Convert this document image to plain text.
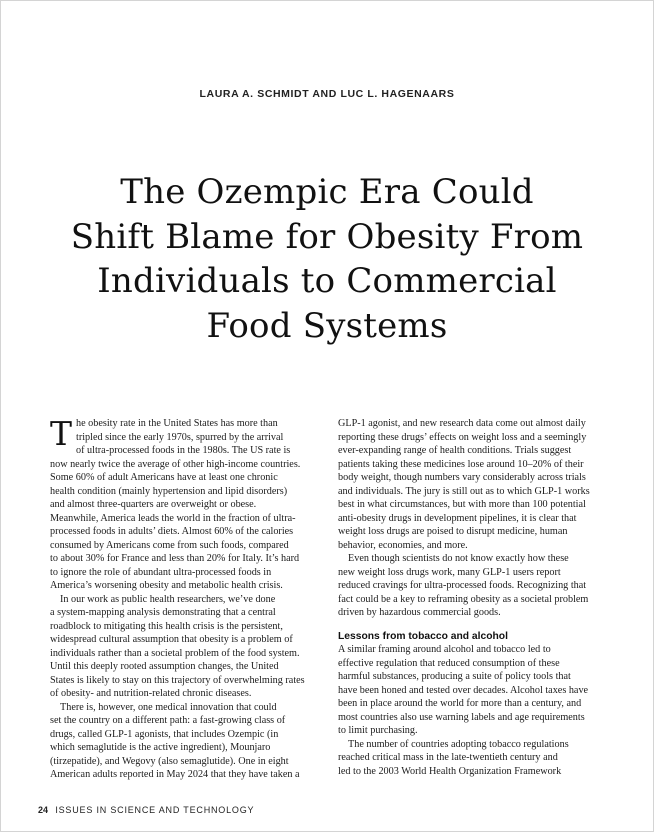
LAURA A. SCHMIDT AND LUC L. HAGENAARS
The Ozempic Era Could
Shift Blame for Obesity From
Individuals to Commercial
Food Systems
T he obesity rate in the United States has more than
tripled since the early 1970s, spurred by the arrival
of ultra-processed foods in the 1980s. The US rate is
now nearly twice the average of other high-income countries.
Some 60% of adult Americans have at least one chronic
health condition (mainly hypertension and lipid disorders)
and almost three-quarters are overweight or obese.
Meanwhile, America leads the world in the fraction of ultra-
processed foods in adults’ diets. Almost 60% of the calories
consumed by Americans come from such foods, compared
to about 30% for France and less than 20% for Italy. It’s hard
to ignore the role of abundant ultra-processed foods in
America’s worsening obesity and metabolic health crisis.
In our work as public health researchers, we’ve done
a system-mapping analysis demonstrating that a central
roadblock to mitigating this health crisis is the persistent,
widespread cultural assumption that obesity is a problem of
individuals rather than a societal problem of the food system.
Until this deeply rooted assumption changes, the United
States is likely to stay on this trajectory of overwhelming rates
of obesity- and nutrition-related chronic diseases.
There is, however, one medical innovation that could
set the country on a different path: a fast-growing class of
drugs, called GLP-1 agonists, that includes Ozempic (in
which semaglutide is the active ingredient), Mounjaro
(tirzepatide), and Wegovy (also semaglutide). One in eight
American adults reported in May 2024 that they have taken a
GLP-1 agonist, and new research data come out almost daily
reporting these drugs’ effects on weight loss and a seemingly
ever-expanding range of health conditions. Trials suggest
patients taking these medicines lose around 10–20% of their
body weight, though numbers vary considerably across trials
and individuals. The jury is still out as to which GLP-1 works
best in what circumstances, but with more than 100 potential
anti-obesity drugs in development pipelines, it is clear that
weight loss drugs are poised to disrupt medicine, human
behavior, economies, and more.
Even though scientists do not know exactly how these
new weight loss drugs work, many GLP-1 users report
reduced cravings for ultra-processed foods. Recognizing that
fact could be a key to reframing obesity as a societal problem
driven by hazardous commercial goods.
Lessons from tobacco and alcohol
A similar framing around alcohol and tobacco led to
effective regulation that reduced consumption of these
harmful substances, producing a suite of policy tools that
have been honed and tested over decades. Alcohol taxes have
been in place around the world for more than a century, and
most countries also use warning labels and age requirements
to limit purchasing.
The number of countries adopting tobacco regulations
reached critical mass in the late-twentieth century and
led to the 2003 World Health Organization Framework
24 ISSUES IN SCIENCE AND TECHNOLOGY
